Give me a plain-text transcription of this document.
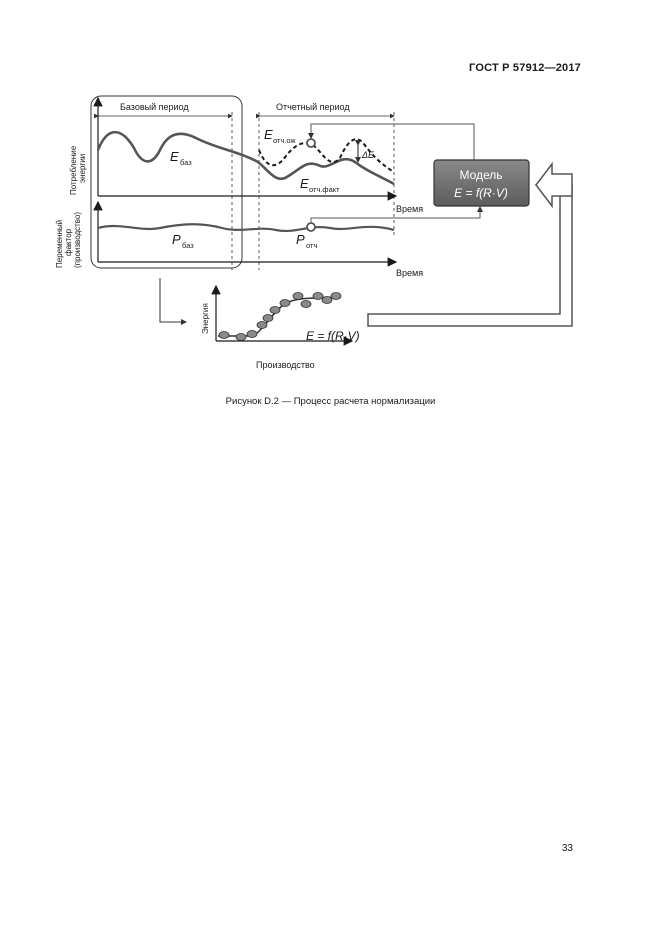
ГОСТ Р 57912—2017
Базовый период	Отчетный период
Потребление энергии
Переменный фактор (производство)
Время
Время
E баз
E отч.ож
ΔE
E отч.факт
P баз	P отч
Модель
E = f(R·V)
Энергия
Производство
E = f(R·V)
Рисунок D.2 — Процесс расчета нормализации
33
